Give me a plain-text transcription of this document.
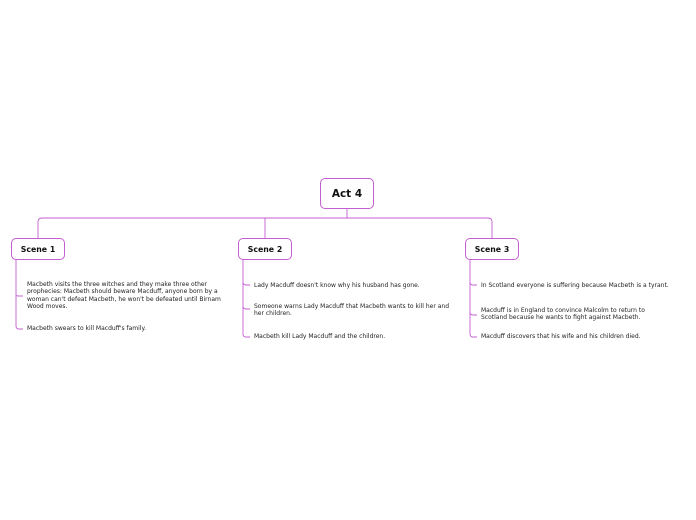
Act 4
Scene 1	Scene 2	Scene 3
Macbeth visits the three witches and they make three other prophecies: Macbeth should beware Macduff, anyone born by a woman can't defeat Macbeth, he won't be defeated until Birnam Wood moves.
Macbeth swears to kill Macduff's family.
Lady Macduff doesn't know why his husband has gone.
Someone warns Lady Macduff that Macbeth wants to kill her and her children.
Macbeth kill Lady Macduff and the children.
In Scotland everyone is suffering because Macbeth is a tyrant.
Macduff is in England to convince Malcolm to return to Scotland because he wants to fight against Macbeth.
Macduff discovers that his wife and his children died.
